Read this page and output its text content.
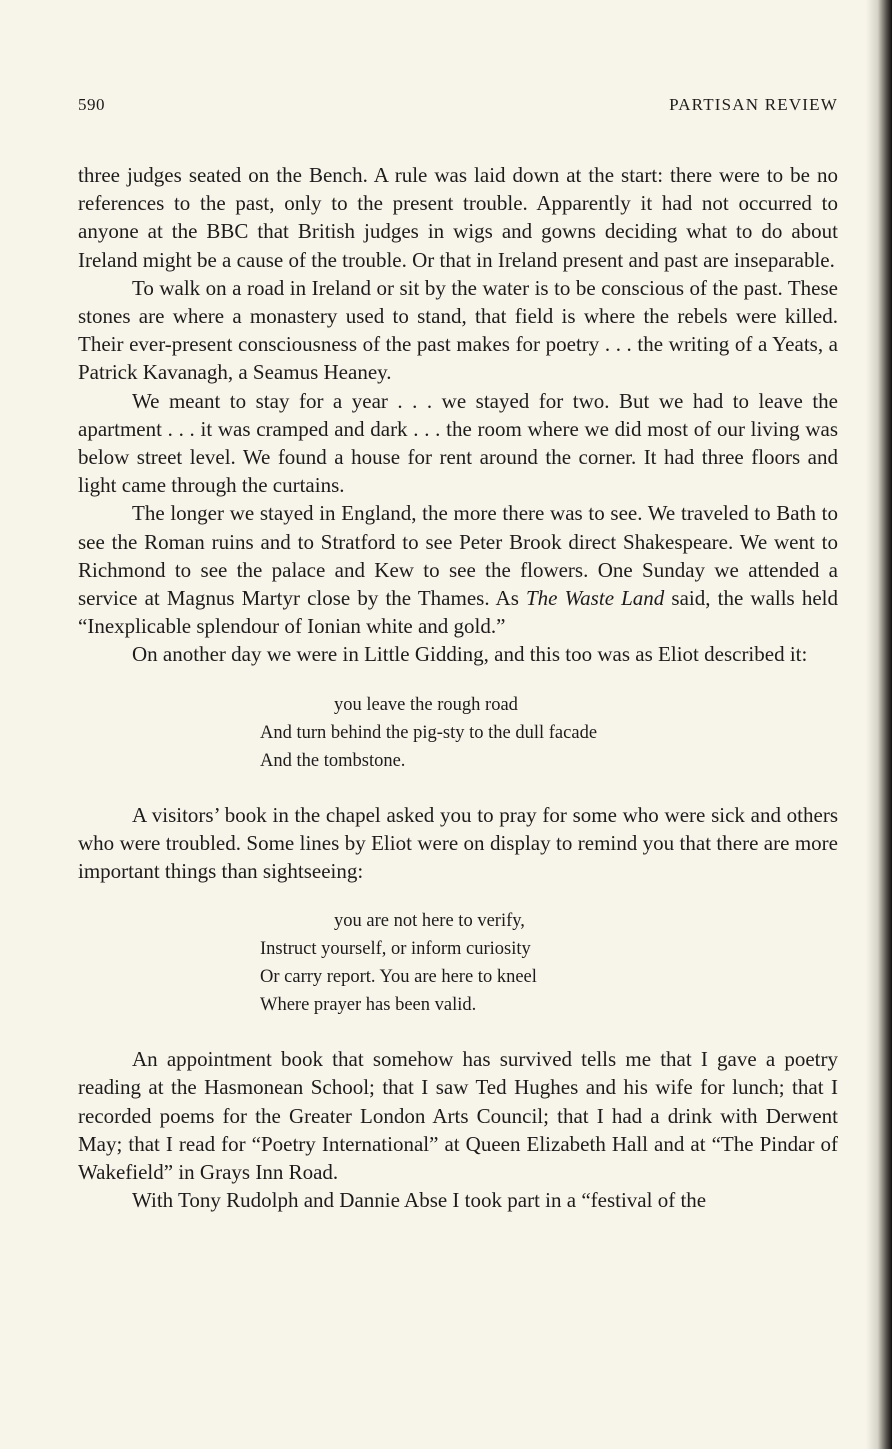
590	PARTISAN REVIEW

three judges seated on the Bench. A rule was laid down at the start: there were to be no references to the past, only to the present trouble. Apparently it had not occurred to anyone at the BBC that British judges in wigs and gowns deciding what to do about Ireland might be a cause of the trouble. Or that in Ireland present and past are inseparable.

To walk on a road in Ireland or sit by the water is to be conscious of the past. These stones are where a monastery used to stand, that field is where the rebels were killed. Their ever-present consciousness of the past makes for poetry . . . the writing of a Yeats, a Patrick Kavanagh, a Seamus Heaney.

We meant to stay for a year . . . we stayed for two. But we had to leave the apartment . . . it was cramped and dark . . . the room where we did most of our living was below street level. We found a house for rent around the corner. It had three floors and light came through the curtains.

The longer we stayed in England, the more there was to see. We traveled to Bath to see the Roman ruins and to Stratford to see Peter Brook direct Shakespeare. We went to Richmond to see the palace and Kew to see the flowers. One Sunday we attended a service at Magnus Martyr close by the Thames. As The Waste Land said, the walls held “Inexplicable splendour of Ionian white and gold.”

On another day we were in Little Gidding, and this too was as Eliot described it:

you leave the rough road
And turn behind the pig-sty to the dull facade
And the tombstone.

A visitors’ book in the chapel asked you to pray for some who were sick and others who were troubled. Some lines by Eliot were on display to remind you that there are more important things than sightseeing:

you are not here to verify,
Instruct yourself, or inform curiosity
Or carry report. You are here to kneel
Where prayer has been valid.

An appointment book that somehow has survived tells me that I gave a poetry reading at the Hasmonean School; that I saw Ted Hughes and his wife for lunch; that I recorded poems for the Greater London Arts Council; that I had a drink with Derwent May; that I read for “Poetry International” at Queen Elizabeth Hall and at “The Pindar of Wakefield” in Grays Inn Road.

With Tony Rudolph and Dannie Abse I took part in a “festival of the
